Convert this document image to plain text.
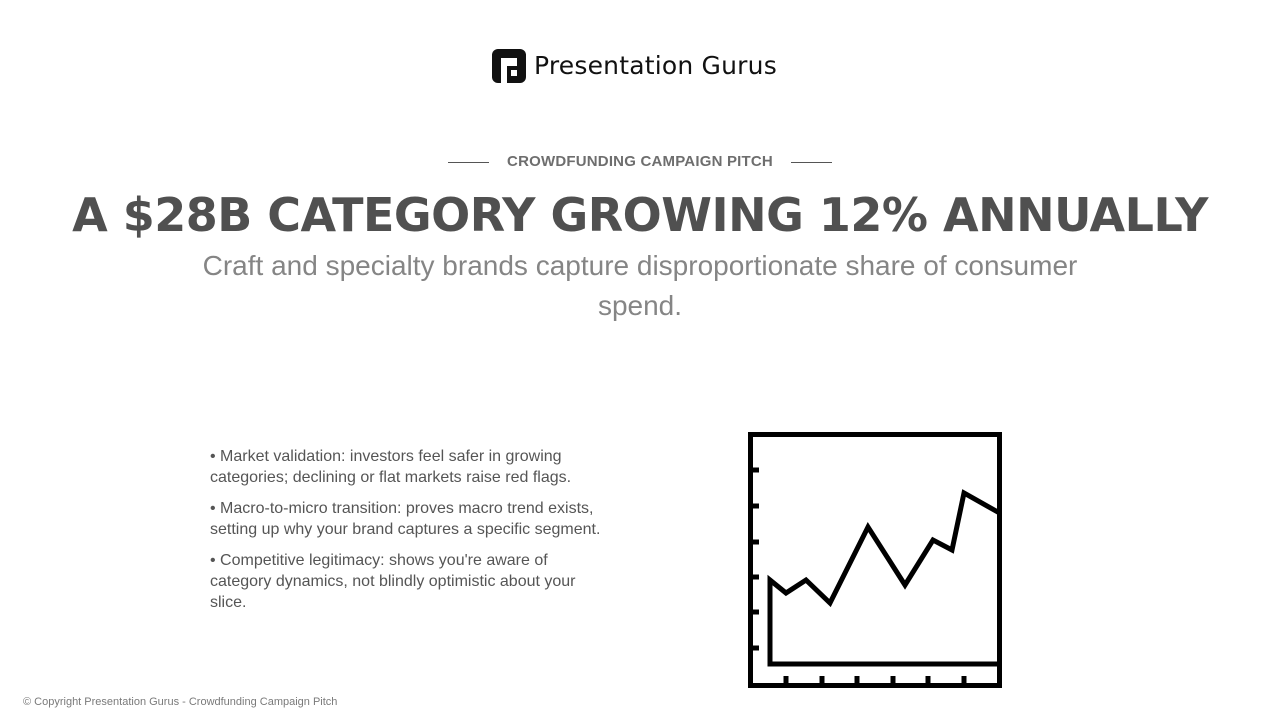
Presentation Gurus
CROWDFUNDING CAMPAIGN PITCH
A $28B CATEGORY GROWING 12% ANNUALLY
Craft and specialty brands capture disproportionate share of consumer spend.
• Market validation: investors feel safer in growing categories; declining or flat markets raise red flags.
• Macro-to-micro transition: proves macro trend exists, setting up why your brand captures a specific segment.
• Competitive legitimacy: shows you're aware of category dynamics, not blindly optimistic about your slice.
© Copyright Presentation Gurus - Crowdfunding Campaign Pitch
